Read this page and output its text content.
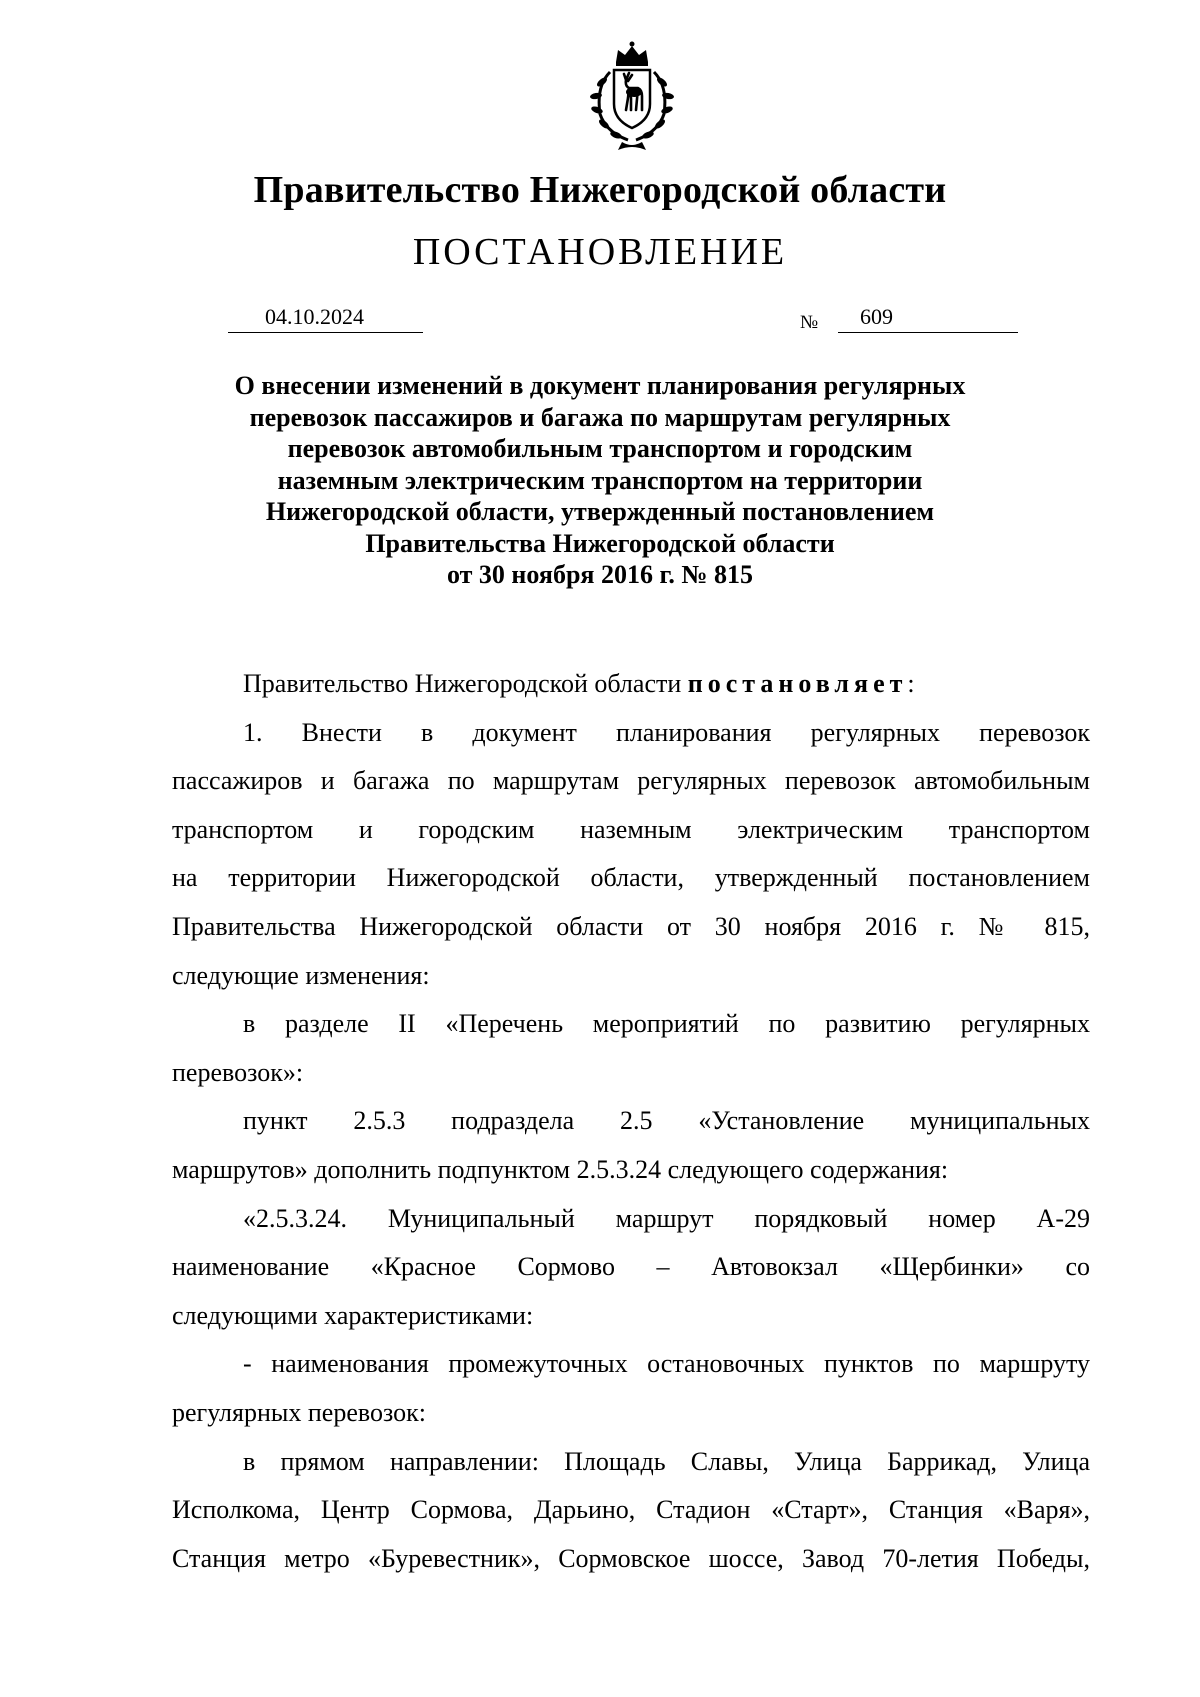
Правительство Нижегородской области
ПОСТАНОВЛЕНИЕ
04.10.2024	№ 609
О внесении изменений в документ планирования регулярных
перевозок пассажиров и багажа по маршрутам регулярных
перевозок автомобильным транспортом и городским
наземным электрическим транспортом на территории
Нижегородской области, утвержденный постановлением
Правительства Нижегородской области
от 30 ноября 2016 г. № 815
Правительство Нижегородской области постановляет:
1. Внести в документ планирования регулярных перевозок
пассажиров и багажа по маршрутам регулярных перевозок автомобильным
транспортом и городским наземным электрическим транспортом
на территории Нижегородской области, утвержденный постановлением
Правительства Нижегородской области от 30 ноября 2016 г. № 815,
следующие изменения:
в разделе II «Перечень мероприятий по развитию регулярных
перевозок»:
пункт 2.5.3 подраздела 2.5 «Установление муниципальных
маршрутов» дополнить подпунктом 2.5.3.24 следующего содержания:
«2.5.3.24. Муниципальный маршрут порядковый номер А-29
наименование «Красное Сормово – Автовокзал «Щербинки» со
следующими характеристиками:
- наименования промежуточных остановочных пунктов по маршруту
регулярных перевозок:
в прямом направлении: Площадь Славы, Улица Баррикад, Улица
Исполкома, Центр Сормова, Дарьино, Стадион «Старт», Станция «Варя»,
Станция метро «Буревестник», Сормовское шоссе, Завод 70-летия Победы,
